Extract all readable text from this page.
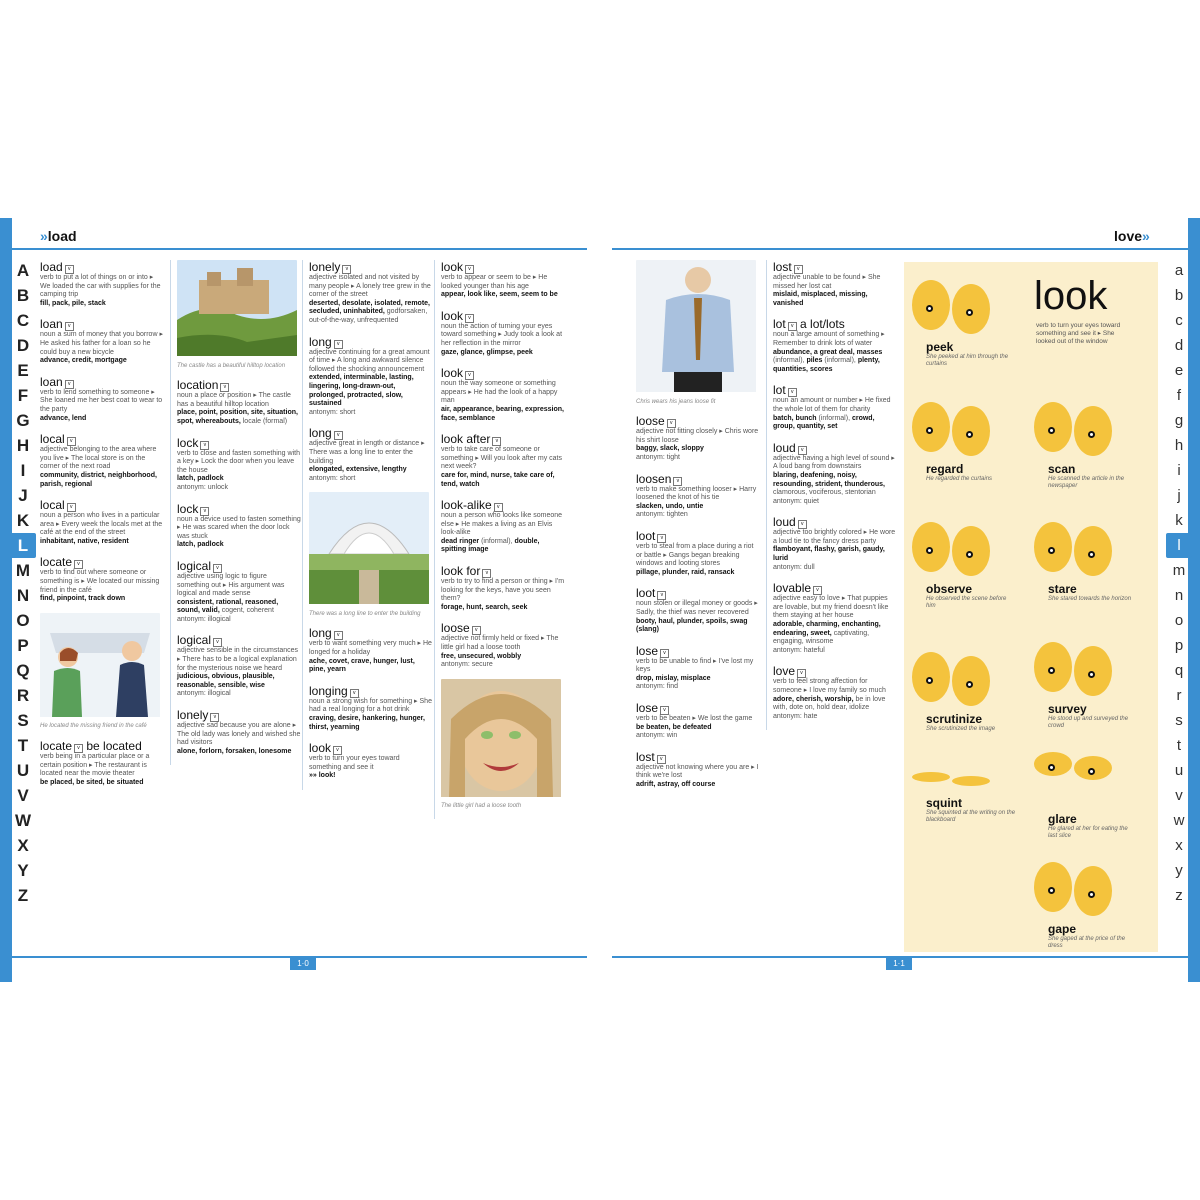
»load	love»
1·0	1·1
A
B
C
D
E
F
G
H
I
J
K
L
M
N
O
P
Q
R
S
T
U
V
W
X
Y
Z
a
b
c
d
e
f
g
h
i
j
k
l
m
n
o
p
q
r
s
t
u
v
w
x
y
z
load v
verb to put a lot of things on or into ▸ We loaded the car with supplies for the camping trip
fill, pack, pile, stack
loan v
noun a sum of money that you borrow ▸ He asked his father for a loan so he could buy a new bicycle
advance, credit, mortgage
loan v
verb to lend something to someone ▸ She loaned me her best coat to wear to the party
advance, lend
local v
adjective belonging to the area where you live ▸ The local store is on the corner of the next road
community, district, neighborhood, parish, regional
local v
noun a person who lives in a particular area ▸ Every week the locals met at the café at the end of the street
inhabitant, native, resident
locate v
verb to find out where someone or something is ▸ We located our missing friend in the café
find, pinpoint, track down
He located the missing friend in the café
locate v be located
verb being in a particular place or a certain position ▸ The restaurant is located near the movie theater
be placed, be sited, be situated
The castle has a beautiful hilltop location
location v
noun a place or position ▸ The castle has a beautiful hilltop location
place, point, position, site, situation, spot, whereabouts, locale (formal)
lock v
verb to close and fasten something with a key ▸ Lock the door when you leave the house
latch, padlock
antonym: unlock
lock v
noun a device used to fasten something ▸ He was scared when the door lock was stuck
latch, padlock
logical v
adjective using logic to figure something out ▸ His argument was logical and made sense
consistent, rational, reasoned, sound, valid, cogent, coherent
antonym: illogical
logical v
adjective sensible in the circumstances ▸ There has to be a logical explanation for the mysterious noise we heard
judicious, obvious, plausible, reasonable, sensible, wise
antonym: illogical
lonely v
adjective sad because you are alone ▸ The old lady was lonely and wished she had visitors
alone, forlorn, forsaken, lonesome
lonely v
adjective isolated and not visited by many people ▸ A lonely tree grew in the corner of the street
deserted, desolate, isolated, remote, secluded, uninhabited, godforsaken, out-of-the-way, unfrequented
long v
adjective continuing for a great amount of time ▸ A long and awkward silence followed the shocking announcement
extended, interminable, lasting, lingering, long-drawn-out, prolonged, protracted, slow, sustained
antonym: short
long v
adjective great in length or distance ▸ There was a long line to enter the building
elongated, extensive, lengthy
antonym: short
There was a long line to enter the building
long v
verb to want something very much ▸ He longed for a holiday
ache, covet, crave, hunger, lust, pine, yearn
longing v
noun a strong wish for something ▸ She had a real longing for a hot drink
craving, desire, hankering, hunger, thirst, yearning
look v
verb to turn your eyes toward something and see it
»» look!
look v
verb to appear or seem to be ▸ He looked younger than his age
appear, look like, seem, seem to be
look v
noun the action of turning your eyes toward something ▸ Judy took a look at her reflection in the mirror
gaze, glance, glimpse, peek
look v
noun the way someone or something appears ▸ He had the look of a happy man
air, appearance, bearing, expression, face, semblance
look after v
verb to take care of someone or something ▸ Will you look after my cats next week?
care for, mind, nurse, take care of, tend, watch
look-alike v
noun a person who looks like someone else ▸ He makes a living as an Elvis look-alike
dead ringer (informal), double, spitting image
look for v
verb to try to find a person or thing ▸ I'm looking for the keys, have you seen them?
forage, hunt, search, seek
loose v
adjective not firmly held or fixed ▸ The little girl had a loose tooth
free, unsecured, wobbly
antonym: secure
The little girl had a loose tooth
Chris wears his jeans loose fit
loose v
adjective not fitting closely ▸ Chris wore his shirt loose
baggy, slack, sloppy
antonym: tight
loosen v
verb to make something looser ▸ Harry loosened the knot of his tie
slacken, undo, untie
antonym: tighten
loot v
verb to steal from a place during a riot or battle ▸ Gangs began breaking windows and looting stores
pillage, plunder, raid, ransack
loot v
noun stolen or illegal money or goods ▸ Sadly, the thief was never recovered
booty, haul, plunder, spoils, swag (slang)
lose v
verb to be unable to find ▸ I've lost my keys
drop, mislay, misplace
antonym: find
lose v
verb to be beaten ▸ We lost the game
be beaten, be defeated
antonym: win
lost v
adjective not knowing where you are ▸ I think we're lost
adrift, astray, off course
lost v
adjective unable to be found ▸ She missed her lost cat
mislaid, misplaced, missing, vanished
lot v a lot/lots
noun a large amount of something ▸ Remember to drink lots of water
abundance, a great deal, masses (informal), piles (informal), plenty, quantities, scores
lot v
noun an amount or number ▸ He fixed the whole lot of them for charity
batch, bunch (informal), crowd, group, quantity, set
loud v
adjective having a high level of sound ▸ A loud bang from downstairs
blaring, deafening, noisy, resounding, strident, thunderous, clamorous, vociferous, stentorian
antonym: quiet
loud v
adjective too brightly colored ▸ He wore a loud tie to the fancy dress party
flamboyant, flashy, garish, gaudy, lurid
antonym: dull
lovable v
adjective easy to love ▸ That puppies are lovable, but my friend doesn't like them staying at her house
adorable, charming, enchanting, endearing, sweet, captivating, engaging, winsome
antonym: hateful
love v
verb to feel strong affection for someone ▸ I love my family so much
adore, cherish, worship, be in love with, dote on, hold dear, idolize
antonym: hate
look
verb to turn your eyes toward something and see it ▸ She looked out of the window
peek
She peeked at him through the curtains
scan
He scanned the article in the newspaper
regard
He regarded the curtains
stare
She stared towards the horizon
observe
He observed the scene before him
survey
He stood up and surveyed the crowd
scrutinize
She scrutinized the image
glare
He glared at her for eating the last slice
squint
She squinted at the writing on the blackboard
gape
She gaped at the price of the dress
